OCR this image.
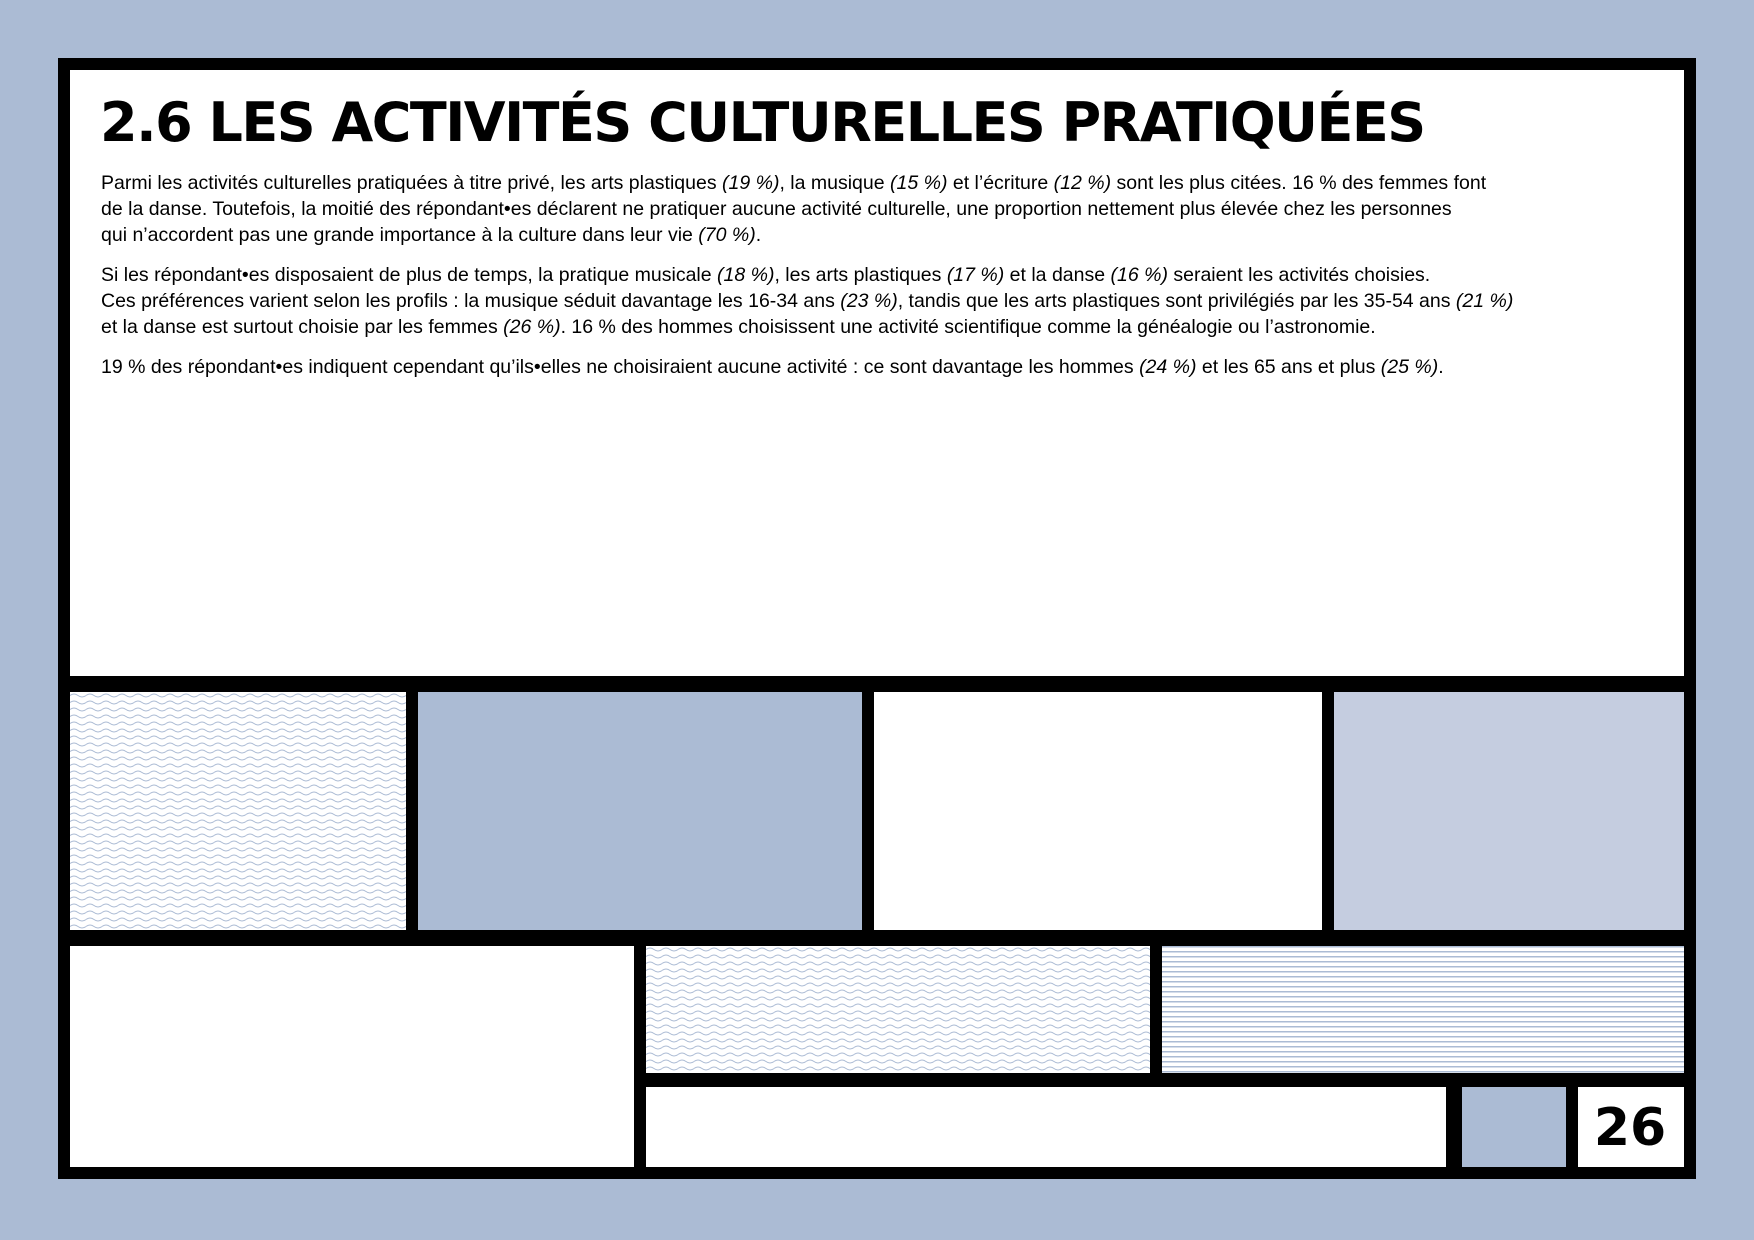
2.6 LES ACTIVITÉS CULTURELLES PRATIQUÉES

Parmi les activités culturelles pratiquées à titre privé, les arts plastiques (19 %), la musique (15 %) et l’écriture (12 %) sont les plus citées. 16 % des femmes font
de la danse. Toutefois, la moitié des répondant•es déclarent ne pratiquer aucune activité culturelle, une proportion nettement plus élevée chez les personnes
qui n’accordent pas une grande importance à la culture dans leur vie (70 %).

Si les répondant•es disposaient de plus de temps, la pratique musicale (18 %), les arts plastiques (17 %) et la danse (16 %) seraient les activités choisies.
Ces préférences varient selon les profils : la musique séduit davantage les 16-34 ans (23 %), tandis que les arts plastiques sont privilégiés par les 35-54 ans (21 %)
et la danse est surtout choisie par les femmes (26 %). 16 % des hommes choisissent une activité scientifique comme la généalogie ou l’astronomie.

19 % des répondant•es indiquent cependant qu’ils•elles ne choisiraient aucune activité : ce sont davantage les hommes (24 %) et les 65 ans et plus (25 %).

26
